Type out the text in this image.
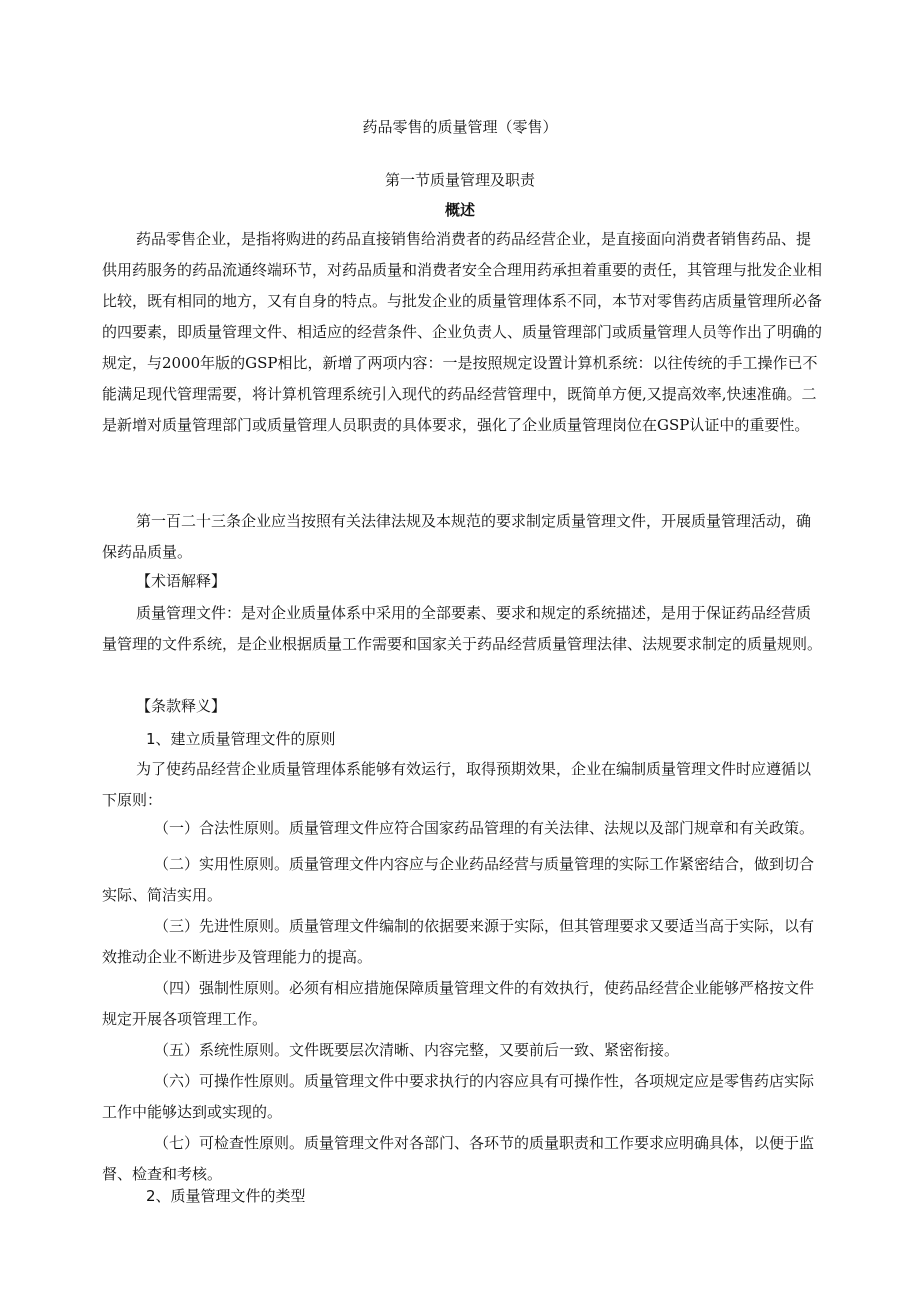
药品零售的质量管理（零售）
第一节质量管理及职责
概述

药品零售企业，是指将购进的药品直接销售给消费者的药品经营企业，是直接面向消费者销售药品、提供用药服务的药品流通终端环节，对药品质量和消费者安全合理用药承担着重要的责任，其管理与批发企业相比较，既有相同的地方，又有自身的特点。与批发企业的质量管理体系不同，本节对零售药店质量管理所必备的四要素，即质量管理文件、相适应的经营条件、企业负责人、质量管理部门或质量管理人员等作出了明确的规定，与2000年版的GSP相比，新增了两项内容：一是按照规定设置计算机系统：以往传统的手工操作已不能满足现代管理需要，将计算机管理系统引入现代的药品经营管理中，既简单方便,又提高效率,快速准确。二是新增对质量管理部门或质量管理人员职责的具体要求，强化了企业质量管理岗位在GSP认证中的重要性。

第一百二十三条企业应当按照有关法律法规及本规范的要求制定质量管理文件，开展质量管理活动，确保药品质量。

【术语解释】

质量管理文件：是对企业质量体系中采用的全部要素、要求和规定的系统描述，是用于保证药品经营质量管理的文件系统，是企业根据质量工作需要和国家关于药品经营质量管理法律、法规要求制定的质量规则。

【条款释义】

1、建立质量管理文件的原则

为了使药品经营企业质量管理体系能够有效运行，取得预期效果，企业在编制质量管理文件时应遵循以下原则：

（一）合法性原则。质量管理文件应符合国家药品管理的有关法律、法规以及部门规章和有关政策。

（二）实用性原则。质量管理文件内容应与企业药品经营与质量管理的实际工作紧密结合，做到切合实际、简洁实用。

（三）先进性原则。质量管理文件编制的依据要来源于实际，但其管理要求又要适当高于实际，以有效推动企业不断进步及管理能力的提高。

（四）强制性原则。必须有相应措施保障质量管理文件的有效执行，使药品经营企业能够严格按文件规定开展各项管理工作。

（五）系统性原则。文件既要层次清晰、内容完整，又要前后一致、紧密衔接。

（六）可操作性原则。质量管理文件中要求执行的内容应具有可操作性，各项规定应是零售药店实际工作中能够达到或实现的。

（七）可检查性原则。质量管理文件对各部门、各环节的质量职责和工作要求应明确具体，以便于监督、检查和考核。

2、质量管理文件的类型
